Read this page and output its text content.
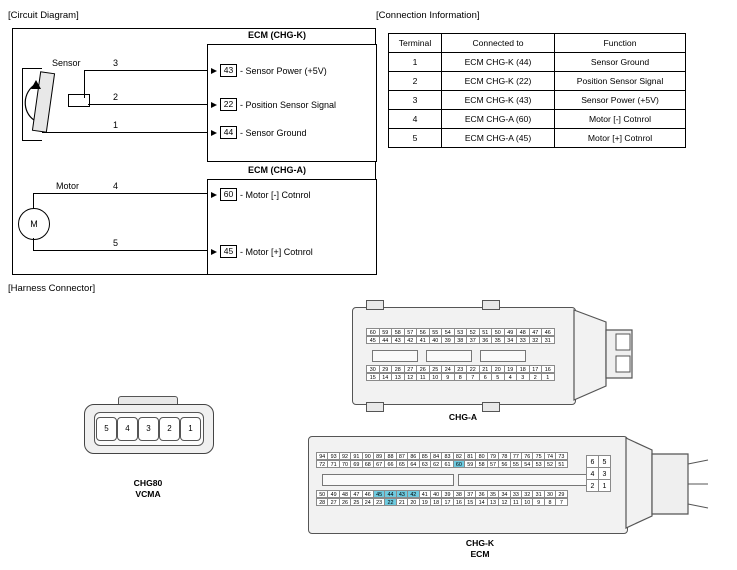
[Circuit Diagram]	[Connection Information]
[Harness Connector]
ECM (CHG-K)
ECM (CHG-A)
Sensor	3
2
1
43 - Sensor Power (+5V)
22 - Position Sensor Signal
44 - Sensor Ground
Motor
M
4
5
60 - Motor [-] Cotnrol
45 - Motor [+] Cotnrol
Terminal	Connected to	Function
1	ECM CHG-K (44)	Sensor Ground
2	ECM CHG-K (22)	Position Sensor Signal
3	ECM CHG-K (43)	Sensor Power (+5V)
4	ECM CHG-A (60)	Motor [-] Cotnrol
5	ECM CHG-A (45)	Motor [+] Cotnrol
5	4	3	2	1
CHG80
VCMA
60	59	58	57	56	55	54	53	52	51	50	49	48	47	46
45	44	43	42	41	40	39	38	37	36	35	34	33	32	31
30	29	28	27	26	25	24	23	22	21	20	19	18	17	16
15	14	13	12	11	10	9	8	7	6	5	4	3	2	1
CHG-A
94 93 92 91 90 89 88 87 86 85 84 83 82 81 80 79 78 77 76 75 74 73
72 71 70 69 68 67 66 65 64 63 62 61 60 59 58 57 56 55 54 53 52 51
50 49 48 47 46 45 44 43 42 41 40 39 38 37 36 35 34 33 32 31 30 29
28 27 26 25 24 23 22 21 20 19 18 17 16 15 14 13 12	11	10	9	8	7
6	5
4	3
2	1
CHG-K
ECM
